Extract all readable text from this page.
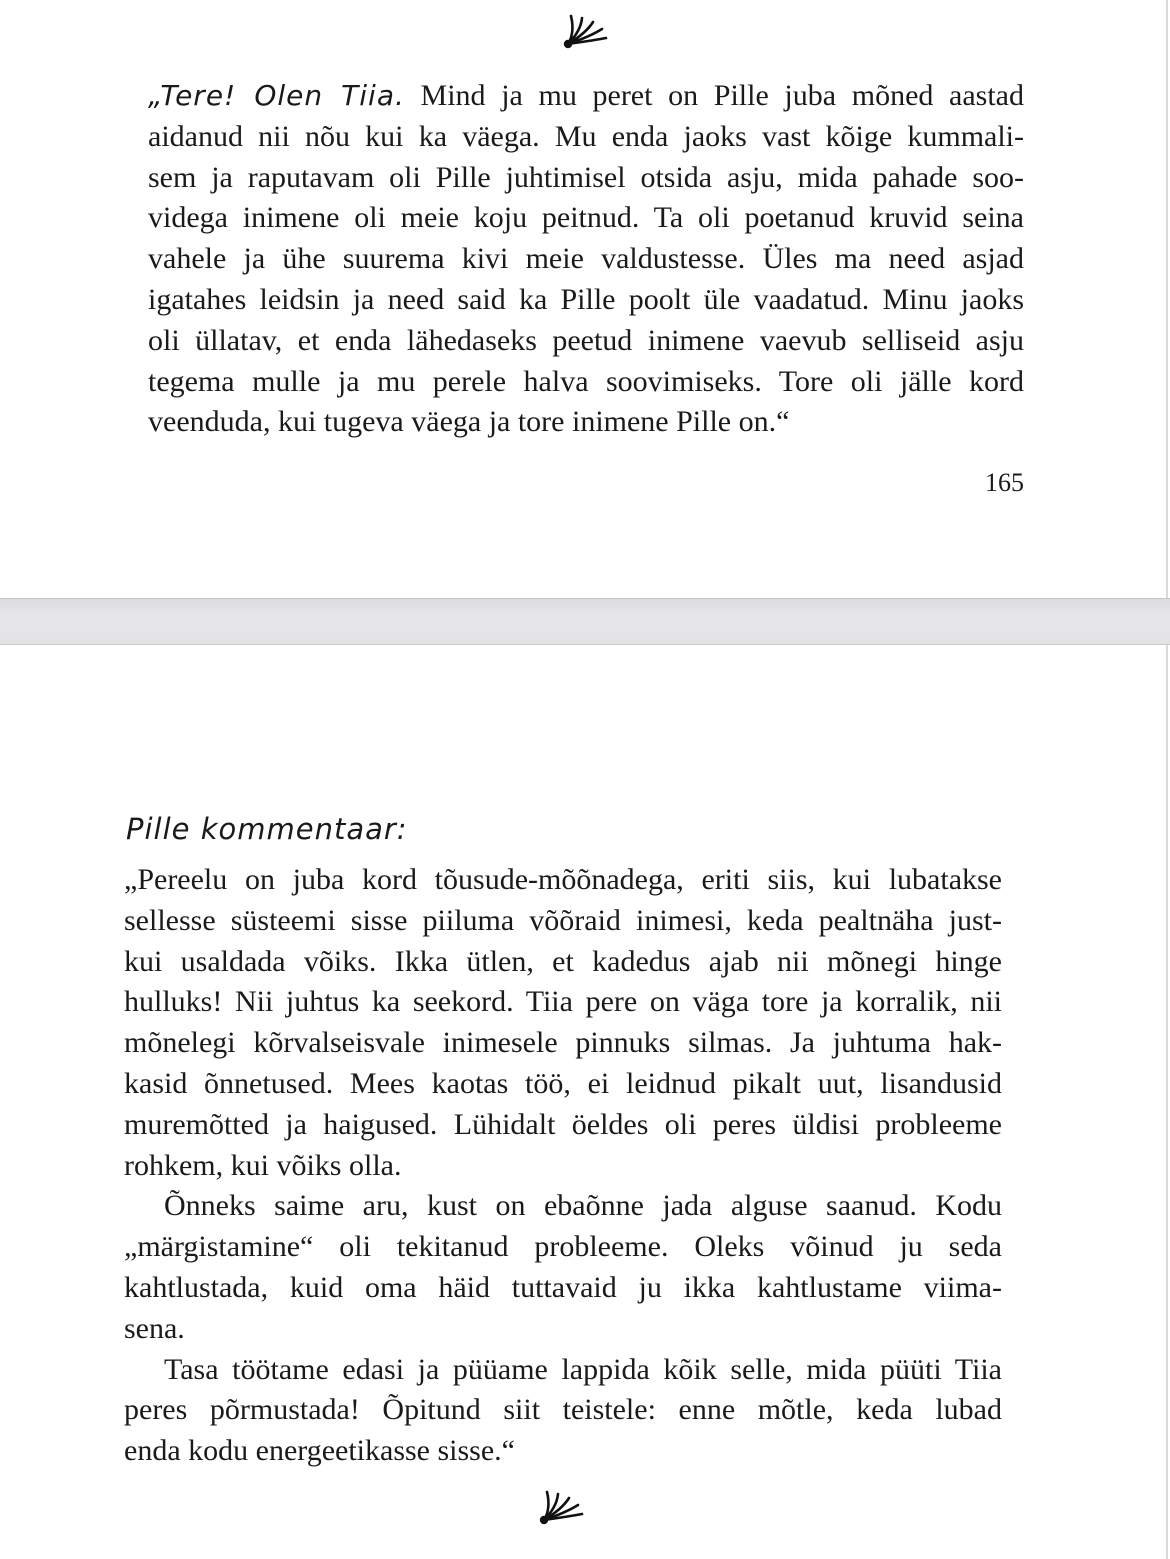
„Tere! Olen Tiia. Mind ja mu peret on Pille juba mõned aastad
aidanud nii nõu kui ka väega. Mu enda jaoks vast kõige kummali-
sem ja raputavam oli Pille juhtimisel otsida asju, mida pahade soo-
videga inimene oli meie koju peitnud. Ta oli poetanud kruvid seina
vahele ja ühe suurema kivi meie valdustesse. Üles ma need asjad
igatahes leidsin ja need said ka Pille poolt üle vaadatud. Minu jaoks
oli üllatav, et enda lähedaseks peetud inimene vaevub selliseid asju
tegema mulle ja mu perele halva soovimiseks. Tore oli jälle kord
veenduda, kui tugeva väega ja tore inimene Pille on.“
165
Pille kommentaar:
„Pereelu on juba kord tõusude-mõõnadega, eriti siis, kui lubatakse
sellesse süsteemi sisse piiluma võõraid inimesi, keda pealtnäha just-
kui usaldada võiks. Ikka ütlen, et kadedus ajab nii mõnegi hinge
hulluks! Nii juhtus ka seekord. Tiia pere on väga tore ja korralik, nii
mõnelegi kõrvalseisvale inimesele pinnuks silmas. Ja juhtuma hak-
kasid õnnetused. Mees kaotas töö, ei leidnud pikalt uut, lisandusid
muremõtted ja haigused. Lühidalt öeldes oli peres üldisi probleeme
rohkem, kui võiks olla.
Õnneks saime aru, kust on ebaõnne jada alguse saanud. Kodu
„märgistamine“ oli tekitanud probleeme. Oleks võinud ju seda
kahtlustada, kuid oma häid tuttavaid ju ikka kahtlustame viima-
sena.
Tasa töötame edasi ja püüame lappida kõik selle, mida püüti Tiia
peres põrmustada! Õpitund siit teistele: enne mõtle, keda lubad
enda kodu energeetikasse sisse.“
